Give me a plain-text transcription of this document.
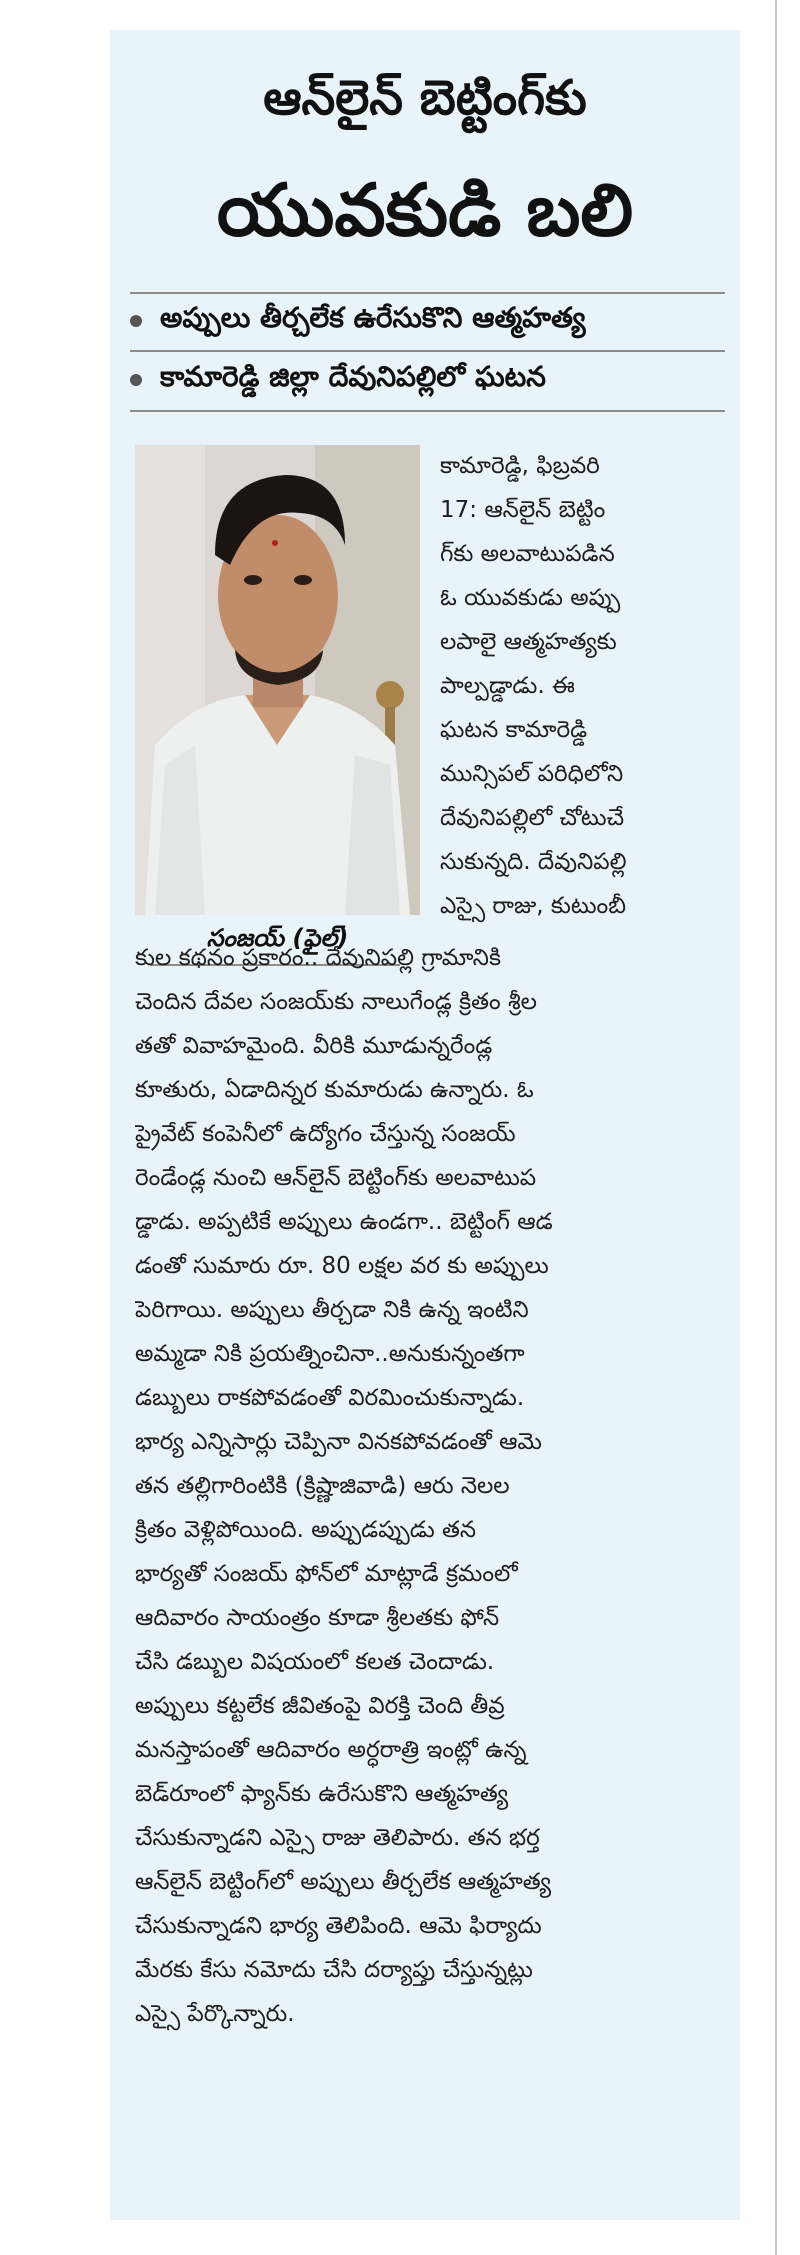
ఆన్‌లైన్ బెట్టింగ్‌కు
యువకుడి బలి
అప్పులు తీర్చలేక ఉరేసుకొని ఆత్మహత్య
కామారెడ్డి జిల్లా దేవునిపల్లిలో ఘటన
సంజయ్ (ఫైల్)
కామారెడ్డి, ఫిబ్రవరి
17: ఆన్‌లైన్ బెట్టిం
గ్‌కు అలవాటుపడిన
ఓ యువకుడు అప్పు
లపాలై ఆత్మహత్యకు
పాల్పడ్డాడు. ఈ
ఘటన కామారెడ్డి
మున్సిపల్ పరిధిలోని
దేవునిపల్లిలో చోటుచే
సుకున్నది. దేవునిపల్లి
ఎస్సై రాజు, కుటుంబీ
కుల కథనం ప్రకారం.. దేవునిపల్లి గ్రామానికి
చెందిన దేవల సంజయ్‌కు నాలుగేండ్ల క్రితం శ్రీల
తతో వివాహమైంది. వీరికి మూడున్నరేండ్ల
కూతురు, ఏడాదిన్నర కుమారుడు ఉన్నారు. ఓ
ప్రైవేట్ కంపెనీలో ఉద్యోగం చేస్తున్న సంజయ్
రెండేండ్ల నుంచి ఆన్‌లైన్ బెట్టింగ్‌కు అలవాటుప
డ్డాడు. అప్పటికే అప్పులు ఉండగా.. బెట్టింగ్ ఆడ
డంతో సుమారు రూ. 80 లక్షల వర కు అప్పులు
పెరిగాయి. అప్పులు తీర్చడా నికి ఉన్న ఇంటిని
అమ్మడా నికి ప్రయత్నించినా..అనుకున్నంతగా
డబ్బులు రాకపోవడంతో విరమించుకున్నాడు.
భార్య ఎన్నిసార్లు చెప్పినా వినకపోవడంతో ఆమె
తన తల్లిగారింటికి (క్రిష్ణాజివాడి) ఆరు నెలల
క్రితం వెళ్లిపోయింది. అప్పుడప్పుడు తన
భార్యతో సంజయ్ ఫోన్‌లో మాట్లాడే క్రమంలో
ఆదివారం సాయంత్రం కూడా శ్రీలతకు ఫోన్
చేసి డబ్బుల విషయంలో కలత చెందాడు.
అప్పులు కట్టలేక జీవితంపై విరక్తి చెంది తీవ్ర
మనస్తాపంతో ఆదివారం అర్ధరాత్రి ఇంట్లో ఉన్న
బెడ్‌రూంలో ఫ్యాన్‌కు ఉరేసుకొని ఆత్మహత్య
చేసుకున్నాడని ఎస్సై రాజు తెలిపారు. తన భర్త
ఆన్‌లైన్ బెట్టింగ్‌లో అప్పులు తీర్చలేక ఆత్మహత్య
చేసుకున్నాడని భార్య తెలిపింది. ఆమె ఫిర్యాదు
మేరకు కేసు నమోదు చేసి దర్యాప్తు చేస్తున్నట్లు
ఎస్సై పేర్కొన్నారు.
